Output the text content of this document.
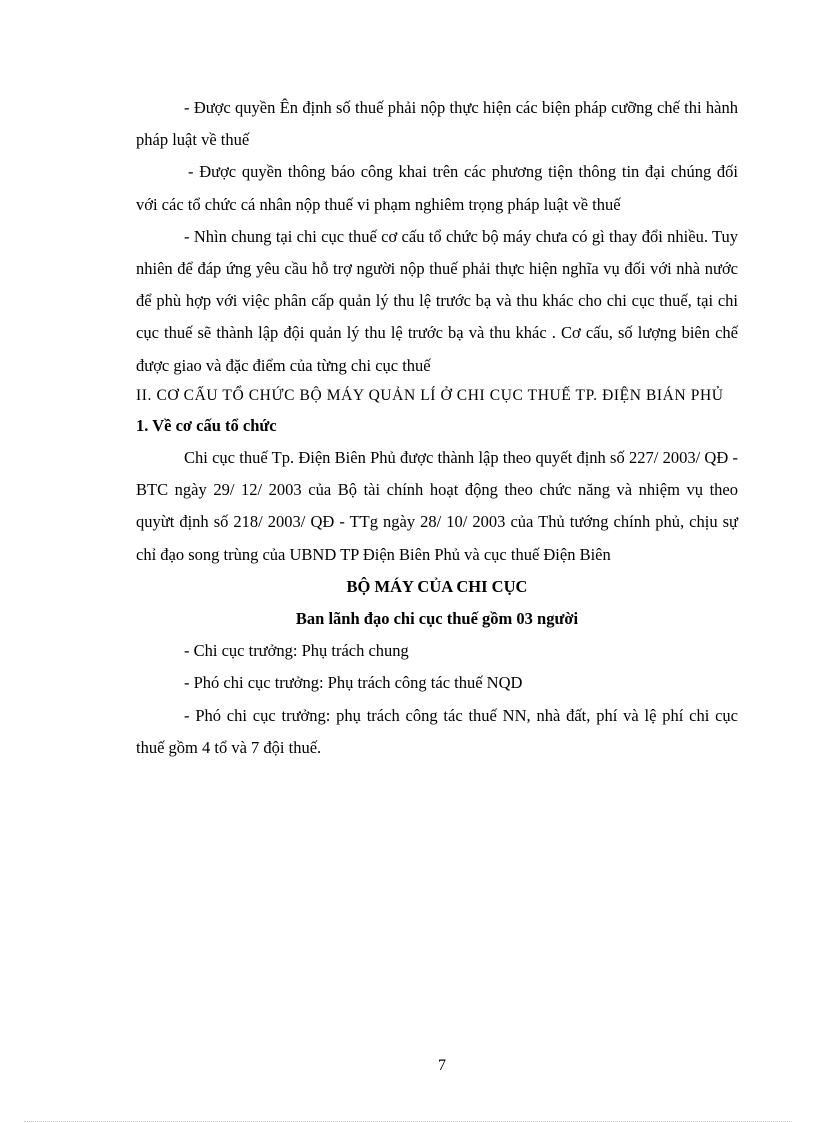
- Được quyền Ên định số thuế phải nộp thực hiện các biện pháp cưỡng chế thi hành pháp luật về thuế

- Được quyền thông báo công khai trên các phương tiện thông tin đại chúng đối với các tổ chức cá nhân nộp thuế vi phạm nghiêm trọng pháp luật về thuế

- Nhìn chung tại chi cục thuế cơ cấu tổ chức bộ máy chưa có gì thay đổi nhiều. Tuy nhiên để đáp ứng yêu cầu hỗ trợ người nộp thuế phải thực hiện nghĩa vụ đối với nhà nước để phù hợp với việc phân cấp quản lý thu lệ trước bạ và thu khác cho chi cục thuế, tại chi cục thuế sẽ thành lập đội quản lý thu lệ trước bạ và thu khác . Cơ cấu, số lượng biên chế được giao và đặc điểm của từng chi cục thuế

II. CƠ CẤU TỔ CHỨC BỘ MÁY QUẢN LÍ Ở CHI CỤC THUẾ TP. ĐIỆN BIÁN PHỦ

1. Về cơ cấu tổ chức

Chi cục thuế Tp. Điện Biên Phủ được thành lập theo quyết định số 227/ 2003/ QĐ - BTC ngày 29/ 12/ 2003 của Bộ tài chính hoạt động theo chức năng và nhiệm vụ theo quyừt định số 218/ 2003/ QĐ - TTg ngày 28/ 10/ 2003 của Thủ tướng chính phủ, chịu sự chỉ đạo song trùng của UBND TP Điện Biên Phủ và cục thuế Điện Biên

BỘ MÁY CỦA CHI CỤC

Ban lãnh đạo chi cục thuế gồm 03 người

- Chi cục trưởng: Phụ trách chung

- Phó chi cục trưởng: Phụ trách công tác thuế NQD

- Phó chi cục trưởng: phụ trách công tác thuế NN, nhà đất, phí và lệ phí chi cục thuế gồm 4 tổ và 7 đội thuế.

7
